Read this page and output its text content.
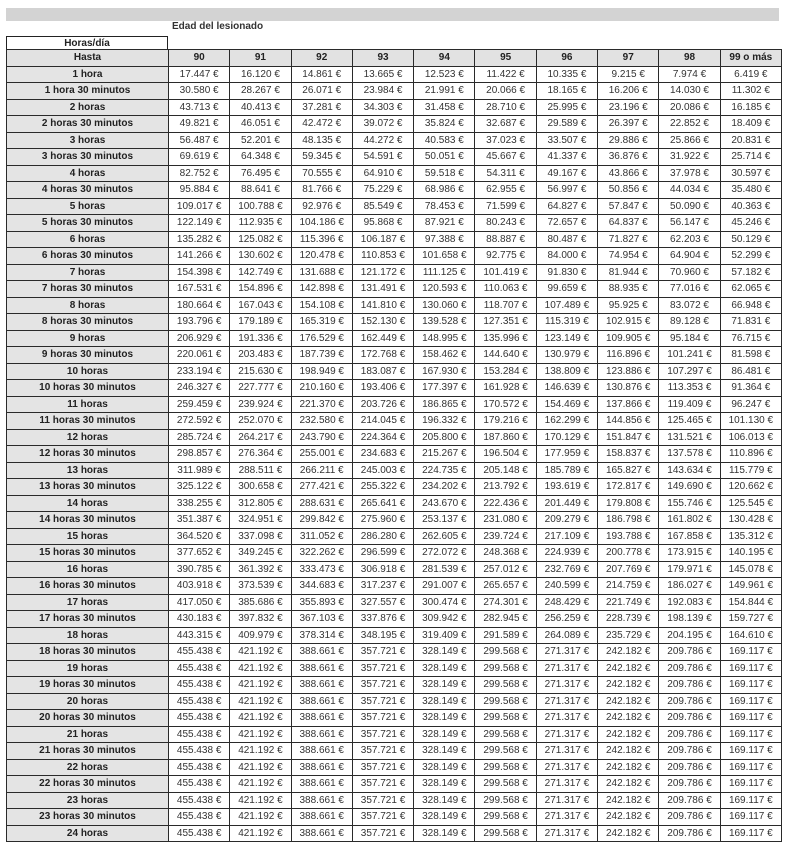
Edad del lesionado
Horas/día
Hasta	90	91	92	93	94	95	96	97	98	99 o más
1 hora	17.447 €	16.120 €	14.861 €	13.665 €	12.523 €	11.422 €	10.335 €	9.215 €	7.974 €	6.419 €
1 hora 30 minutos	30.580 €	28.267 €	26.071 €	23.984 €	21.991 €	20.066 €	18.165 €	16.206 €	14.030 €	11.302 €
2 horas	43.713 €	40.413 €	37.281 €	34.303 €	31.458 €	28.710 €	25.995 €	23.196 €	20.086 €	16.185 €
2 horas 30 minutos	49.821 €	46.051 €	42.472 €	39.072 €	35.824 €	32.687 €	29.589 €	26.397 €	22.852 €	18.409 €
3 horas	56.487 €	52.201 €	48.135 €	44.272 €	40.583 €	37.023 €	33.507 €	29.886 €	25.866 €	20.831 €
3 horas 30 minutos	69.619 €	64.348 €	59.345 €	54.591 €	50.051 €	45.667 €	41.337 €	36.876 €	31.922 €	25.714 €
4 horas	82.752 €	76.495 €	70.555 €	64.910 €	59.518 €	54.311 €	49.167 €	43.866 €	37.978 €	30.597 €
4 horas 30 minutos	95.884 €	88.641 €	81.766 €	75.229 €	68.986 €	62.955 €	56.997 €	50.856 €	44.034 €	35.480 €
5 horas	109.017 €	100.788 €	92.976 €	85.549 €	78.453 €	71.599 €	64.827 €	57.847 €	50.090 €	40.363 €
5 horas 30 minutos	122.149 €	112.935 €	104.186 €	95.868 €	87.921 €	80.243 €	72.657 €	64.837 €	56.147 €	45.246 €
6 horas	135.282 €	125.082 €	115.396 €	106.187 €	97.388 €	88.887 €	80.487 €	71.827 €	62.203 €	50.129 €
6 horas 30 minutos	141.266 €	130.602 €	120.478 €	110.853 €	101.658 €	92.775 €	84.000 €	74.954 €	64.904 €	52.299 €
7 horas	154.398 €	142.749 €	131.688 €	121.172 €	111.125 €	101.419 €	91.830 €	81.944 €	70.960 €	57.182 €
7 horas 30 minutos	167.531 €	154.896 €	142.898 €	131.491 €	120.593 €	110.063 €	99.659 €	88.935 €	77.016 €	62.065 €
8 horas	180.664 €	167.043 €	154.108 €	141.810 €	130.060 €	118.707 €	107.489 €	95.925 €	83.072 €	66.948 €
8 horas 30 minutos	193.796 €	179.189 €	165.319 €	152.130 €	139.528 €	127.351 €	115.319 €	102.915 €	89.128 €	71.831 €
9 horas	206.929 €	191.336 €	176.529 €	162.449 €	148.995 €	135.996 €	123.149 €	109.905 €	95.184 €	76.715 €
9 horas 30 minutos	220.061 €	203.483 €	187.739 €	172.768 €	158.462 €	144.640 €	130.979 €	116.896 €	101.241 €	81.598 €
10 horas	233.194 €	215.630 €	198.949 €	183.087 €	167.930 €	153.284 €	138.809 €	123.886 €	107.297 €	86.481 €
10 horas 30 minutos	246.327 €	227.777 €	210.160 €	193.406 €	177.397 €	161.928 €	146.639 €	130.876 €	113.353 €	91.364 €
11 horas	259.459 €	239.924 €	221.370 €	203.726 €	186.865 €	170.572 €	154.469 €	137.866 €	119.409 €	96.247 €
11 horas 30 minutos	272.592 €	252.070 €	232.580 €	214.045 €	196.332 €	179.216 €	162.299 €	144.856 €	125.465 €	101.130 €
12 horas	285.724 €	264.217 €	243.790 €	224.364 €	205.800 €	187.860 €	170.129 €	151.847 €	131.521 €	106.013 €
12 horas 30 minutos	298.857 €	276.364 €	255.001 €	234.683 €	215.267 €	196.504 €	177.959 €	158.837 €	137.578 €	110.896 €
13 horas	311.989 €	288.511 €	266.211 €	245.003 €	224.735 €	205.148 €	185.789 €	165.827 €	143.634 €	115.779 €
13 horas 30 minutos	325.122 €	300.658 €	277.421 €	255.322 €	234.202 €	213.792 €	193.619 €	172.817 €	149.690 €	120.662 €
14 horas	338.255 €	312.805 €	288.631 €	265.641 €	243.670 €	222.436 €	201.449 €	179.808 €	155.746 €	125.545 €
14 horas 30 minutos	351.387 €	324.951 €	299.842 €	275.960 €	253.137 €	231.080 €	209.279 €	186.798 €	161.802 €	130.428 €
15 horas	364.520 €	337.098 €	311.052 €	286.280 €	262.605 €	239.724 €	217.109 €	193.788 €	167.858 €	135.312 €
15 horas 30 minutos	377.652 €	349.245 €	322.262 €	296.599 €	272.072 €	248.368 €	224.939 €	200.778 €	173.915 €	140.195 €
16 horas	390.785 €	361.392 €	333.473 €	306.918 €	281.539 €	257.012 €	232.769 €	207.769 €	179.971 €	145.078 €
16 horas 30 minutos	403.918 €	373.539 €	344.683 €	317.237 €	291.007 €	265.657 €	240.599 €	214.759 €	186.027 €	149.961 €
17 horas	417.050 €	385.686 €	355.893 €	327.557 €	300.474 €	274.301 €	248.429 €	221.749 €	192.083 €	154.844 €
17 horas 30 minutos	430.183 €	397.832 €	367.103 €	337.876 €	309.942 €	282.945 €	256.259 €	228.739 €	198.139 €	159.727 €
18 horas	443.315 €	409.979 €	378.314 €	348.195 €	319.409 €	291.589 €	264.089 €	235.729 €	204.195 €	164.610 €
18 horas 30 minutos	455.438 €	421.192 €	388.661 €	357.721 €	328.149 €	299.568 €	271.317 €	242.182 €	209.786 €	169.117 €
19 horas	455.438 €	421.192 €	388.661 €	357.721 €	328.149 €	299.568 €	271.317 €	242.182 €	209.786 €	169.117 €
19 horas 30 minutos	455.438 €	421.192 €	388.661 €	357.721 €	328.149 €	299.568 €	271.317 €	242.182 €	209.786 €	169.117 €
20 horas	455.438 €	421.192 €	388.661 €	357.721 €	328.149 €	299.568 €	271.317 €	242.182 €	209.786 €	169.117 €
20 horas 30 minutos	455.438 €	421.192 €	388.661 €	357.721 €	328.149 €	299.568 €	271.317 €	242.182 €	209.786 €	169.117 €
21 horas	455.438 €	421.192 €	388.661 €	357.721 €	328.149 €	299.568 €	271.317 €	242.182 €	209.786 €	169.117 €
21 horas 30 minutos	455.438 €	421.192 €	388.661 €	357.721 €	328.149 €	299.568 €	271.317 €	242.182 €	209.786 €	169.117 €
22 horas	455.438 €	421.192 €	388.661 €	357.721 €	328.149 €	299.568 €	271.317 €	242.182 €	209.786 €	169.117 €
22 horas 30 minutos	455.438 €	421.192 €	388.661 €	357.721 €	328.149 €	299.568 €	271.317 €	242.182 €	209.786 €	169.117 €
23 horas	455.438 €	421.192 €	388.661 €	357.721 €	328.149 €	299.568 €	271.317 €	242.182 €	209.786 €	169.117 €
23 horas 30 minutos	455.438 €	421.192 €	388.661 €	357.721 €	328.149 €	299.568 €	271.317 €	242.182 €	209.786 €	169.117 €
24 horas	455.438 €	421.192 €	388.661 €	357.721 €	328.149 €	299.568 €	271.317 €	242.182 €	209.786 €	169.117 €
